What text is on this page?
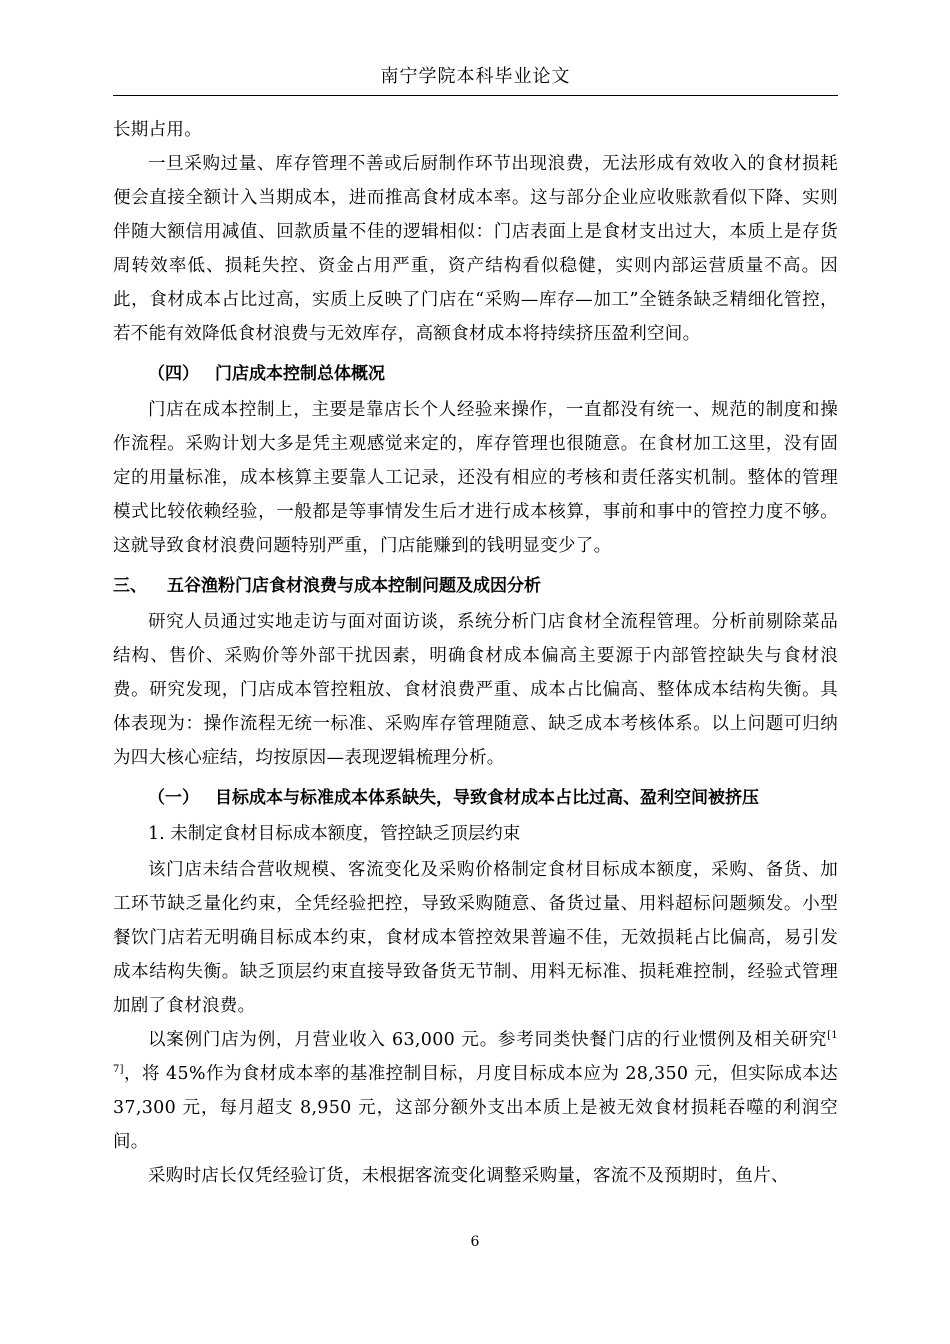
南宁学院本科毕业论文

长期占用。

一旦采购过量、库存管理不善或后厨制作环节出现浪费，无法形成有效收入的食材损耗便会直接全额计入当期成本，进而推高食材成本率。这与部分企业应收账款看似下降、实则伴随大额信用减值、回款质量不佳的逻辑相似：门店表面上是食材支出过大，本质上是存货周转效率低、损耗失控、资金占用严重，资产结构看似稳健，实则内部运营质量不高。因此，食材成本占比过高，实质上反映了门店在“采购—库存—加工”全链条缺乏精细化管控，若不能有效降低食材浪费与无效库存，高额食材成本将持续挤压盈利空间。

（四） 门店成本控制总体概况

门店在成本控制上，主要是靠店长个人经验来操作，一直都没有统一、规范的制度和操作流程。采购计划大多是凭主观感觉来定的，库存管理也很随意。在食材加工这里，没有固定的用量标准，成本核算主要靠人工记录，还没有相应的考核和责任落实机制。整体的管理模式比较依赖经验，一般都是等事情发生后才进行成本核算，事前和事中的管控力度不够。这就导致食材浪费问题特别严重，门店能赚到的钱明显变少了。

三、 五谷渔粉门店食材浪费与成本控制问题及成因分析

研究人员通过实地走访与面对面访谈，系统分析门店食材全流程管理。分析前剔除菜品结构、售价、采购价等外部干扰因素，明确食材成本偏高主要源于内部管控缺失与食材浪费。研究发现，门店成本管控粗放、食材浪费严重、成本占比偏高、整体成本结构失衡。具体表现为：操作流程无统一标准、采购库存管理随意、缺乏成本考核体系。以上问题可归纳为四大核心症结，均按原因—表现逻辑梳理分析。

（一） 目标成本与标准成本体系缺失，导致食材成本占比过高、盈利空间被挤压
1. 未制定食材目标成本额度，管控缺乏顶层约束

该门店未结合营收规模、客流变化及采购价格制定食材目标成本额度，采购、备货、加工环节缺乏量化约束，全凭经验把控，导致采购随意、备货过量、用料超标问题频发。小型餐饮门店若无明确目标成本约束，食材成本管控效果普遍不佳，无效损耗占比偏高，易引发成本结构失衡。缺乏顶层约束直接导致备货无节制、用料无标准、损耗难控制，经验式管理加剧了食材浪费。

以案例门店为例，月营业收入 63,000 元。参考同类快餐门店的行业惯例及相关研究[17]，将 45%作为食材成本率的基准控制目标，月度目标成本应为 28,350 元，但实际成本达 37,300 元，每月超支 8,950 元，这部分额外支出本质上是被无效食材损耗吞噬的利润空间。

采购时店长仅凭经验订货，未根据客流变化调整采购量，客流不及预期时，鱼片、

6
